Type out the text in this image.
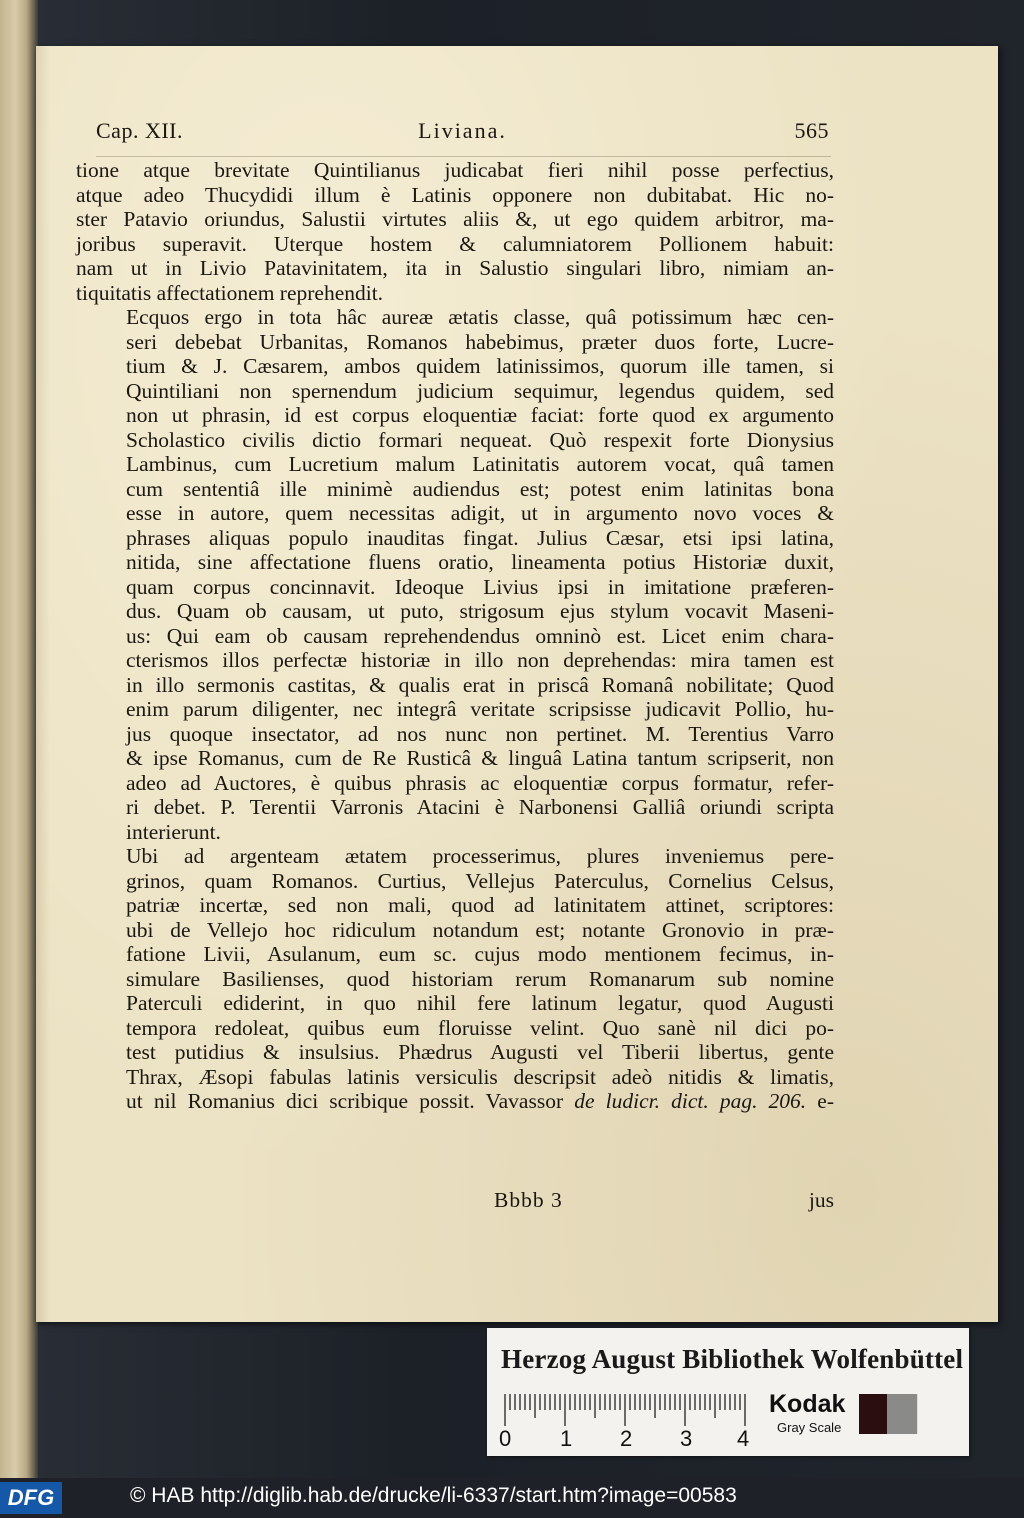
Cap. XII.	Liviana.	565
tione atque brevitate Quintilianus judicabat fieri nihil posse perfectius,
atque adeo Thucydidi illum è Latinis opponere non dubitabat. Hic no-
ster Patavio oriundus, Salustii virtutes aliis &, ut ego quidem arbitror, ma-
joribus superavit. Uterque hostem & calumniatorem Pollionem habuit:
nam ut in Livio Patavinitatem, ita in Salustio singulari libro, nimiam an-
tiquitatis affectationem reprehendit.
Ecquos ergo in tota hâc aureæ ætatis classe, quâ potissimum hæc cen-
seri debebat Urbanitas, Romanos habebimus, præter duos forte, Lucre-
tium & J. Cæsarem, ambos quidem latinissimos, quorum ille tamen, si
Quintiliani non spernendum judicium sequimur, legendus quidem, sed
non ut phrasin, id est corpus eloquentiæ faciat: forte quod ex argumento
Scholastico civilis dictio formari nequeat. Quò respexit forte Dionysius
Lambinus, cum Lucretium malum Latinitatis autorem vocat, quâ tamen
cum sententiâ ille minimè audiendus est; potest enim latinitas bona
esse in autore, quem necessitas adigit, ut in argumento novo voces &
phrases aliquas populo inauditas fingat. Julius Cæsar, etsi ipsi latina,
nitida, sine affectatione fluens oratio, lineamenta potius Historiæ duxit,
quam corpus concinnavit. Ideoque Livius ipsi in imitatione præferen-
dus. Quam ob causam, ut puto, strigosum ejus stylum vocavit Maseni-
us: Qui eam ob causam reprehendendus omninò est. Licet enim chara-
cterismos illos perfectæ historiæ in illo non deprehendas: mira tamen est
in illo sermonis castitas, & qualis erat in priscâ Romanâ nobilitate; Quod
enim parum diligenter, nec integrâ veritate scripsisse judicavit Pollio, hu-
jus quoque insectator, ad nos nunc non pertinet. M. Terentius Varro
& ipse Romanus, cum de Re Rusticâ & linguâ Latina tantum scripserit, non
adeo ad Auctores, è quibus phrasis ac eloquentiæ corpus formatur, refer-
ri debet. P. Terentii Varronis Atacini è Narbonensi Galliâ oriundi scripta
interierunt.
Ubi ad argenteam ætatem processerimus, plures inveniemus pere-
grinos, quam Romanos. Curtius, Vellejus Paterculus, Cornelius Celsus,
patriæ incertæ, sed non mali, quod ad latinitatem attinet, scriptores:
ubi de Vellejo hoc ridiculum notandum est; notante Gronovio in præ-
fatione Livii, Asulanum, eum sc. cujus modo mentionem fecimus, in-
simulare Basilienses, quod historiam rerum Romanarum sub nomine
Paterculi ediderint, in quo nihil fere latinum legatur, quod Augusti
tempora redoleat, quibus eum floruisse velint. Quo sanè nil dici po-
test putidius & insulsius. Phædrus Augusti vel Tiberii libertus, gente
Thrax, Æsopi fabulas latinis versiculis descripsit adeò nitidis & limatis,
ut nil Romanius dici scribique possit. Vavassor de ludicr. dict. pag. 206. e-
Bbbb 3	jus
Herzog August Bibliothek Wolfenbüttel
0 1 2 3 4
Kodak
Gray Scale
DFG	© HAB http://diglib.hab.de/drucke/li-6337/start.htm?image=00583
